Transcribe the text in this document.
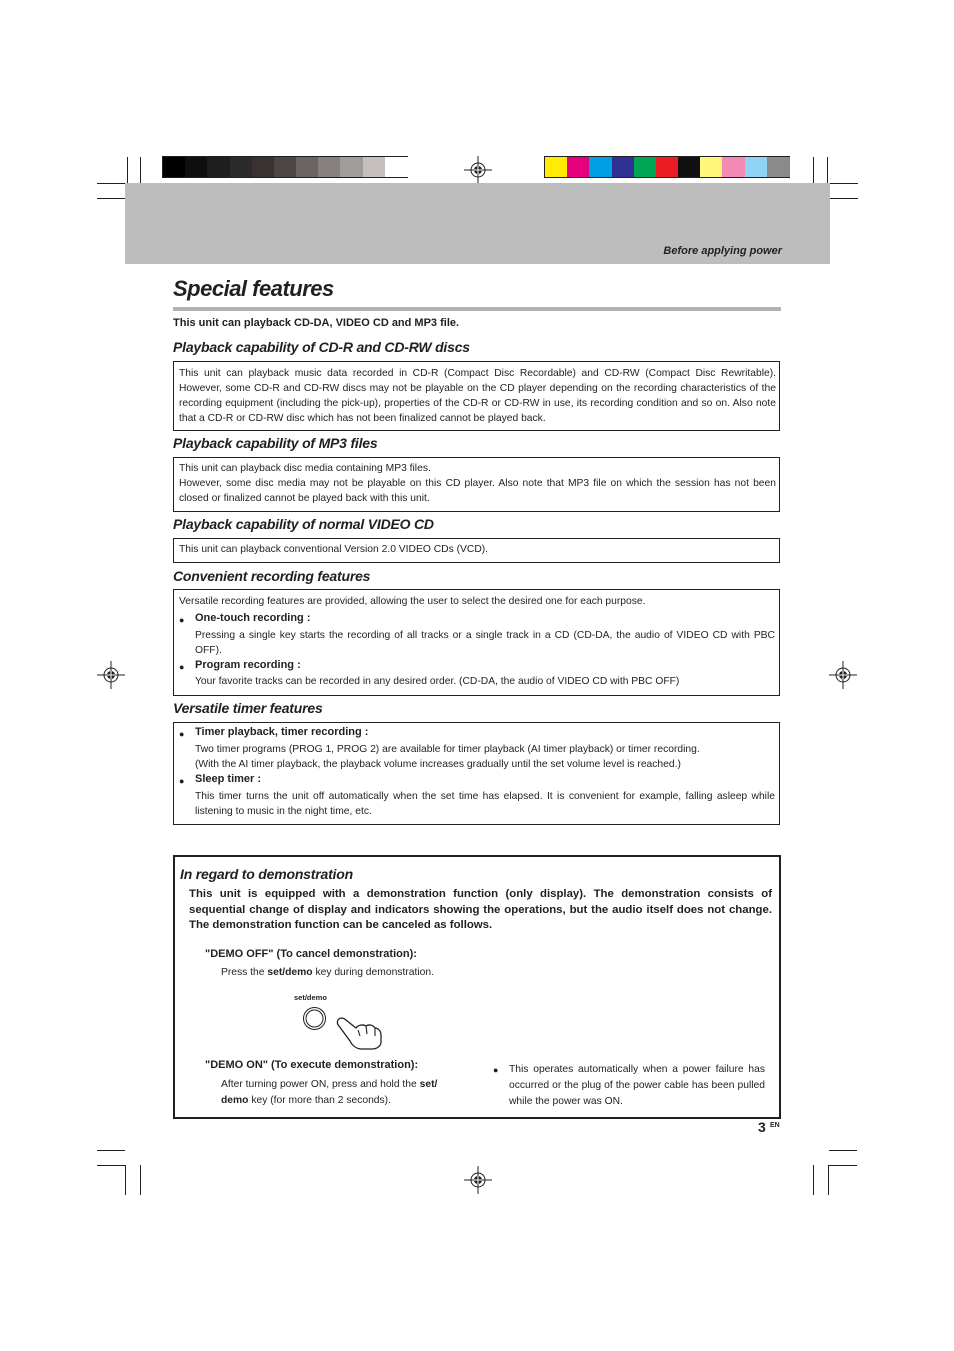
Before applying power
Special features
This unit can playback CD-DA, VIDEO CD and MP3 file.
Playback capability of CD-R and CD-RW discs
This unit can playback music data recorded in CD-R (Compact Disc Recordable) and CD-RW (Compact Disc Rewritable). However, some CD-R and CD-RW discs may not be playable on the CD player depending on the recording characteristics of the recording equipment (including the pick-up), properties of the CD-R or CD-RW in use, its recording condition and so on. Also note that a CD-R or CD-RW disc which has not been finalized cannot be played back.
Playback capability of MP3 files
This unit can playback disc media containing MP3 files.
However, some disc media may not be playable on this CD player. Also note that MP3 file on which the session has not been closed or finalized cannot be played back with this unit.
Playback capability of normal VIDEO CD
This unit can playback conventional Version 2.0 VIDEO CDs (VCD).
Convenient recording features
Versatile recording features are provided, allowing the user to select the desired one for each purpose.
● One-touch recording :
Pressing a single key starts the recording of all tracks or a single track in a CD (CD-DA, the audio of VIDEO CD with PBC OFF).
● Program recording :
Your favorite tracks can be recorded in any desired order. (CD-DA, the audio of VIDEO CD with PBC OFF)
Versatile timer features
● Timer playback, timer recording :
Two timer programs (PROG 1, PROG 2) are available for timer playback (AI timer playback) or timer recording.
(With the AI timer playback, the playback volume increases gradually until the set volume level is reached.)
● Sleep timer :
This timer turns the unit off automatically when the set time has elapsed. It is convenient for example, falling asleep while listening to music in the night time, etc.
In regard to demonstration
This unit is equipped with a demonstration function (only display). The demonstration consists of sequential change of display and indicators showing the operations, but the audio itself does not change. The demonstration function can be canceled as follows.
"DEMO OFF" (To cancel demonstration):
Press the set/demo key during demonstration.
set/demo
"DEMO ON" (To execute demonstration):
After turning power ON, press and hold the set/
demo key (for more than 2 seconds).
● This operates automatically when a power failure has occurred or the plug of the power cable has been pulled while the power was ON.
3 EN
